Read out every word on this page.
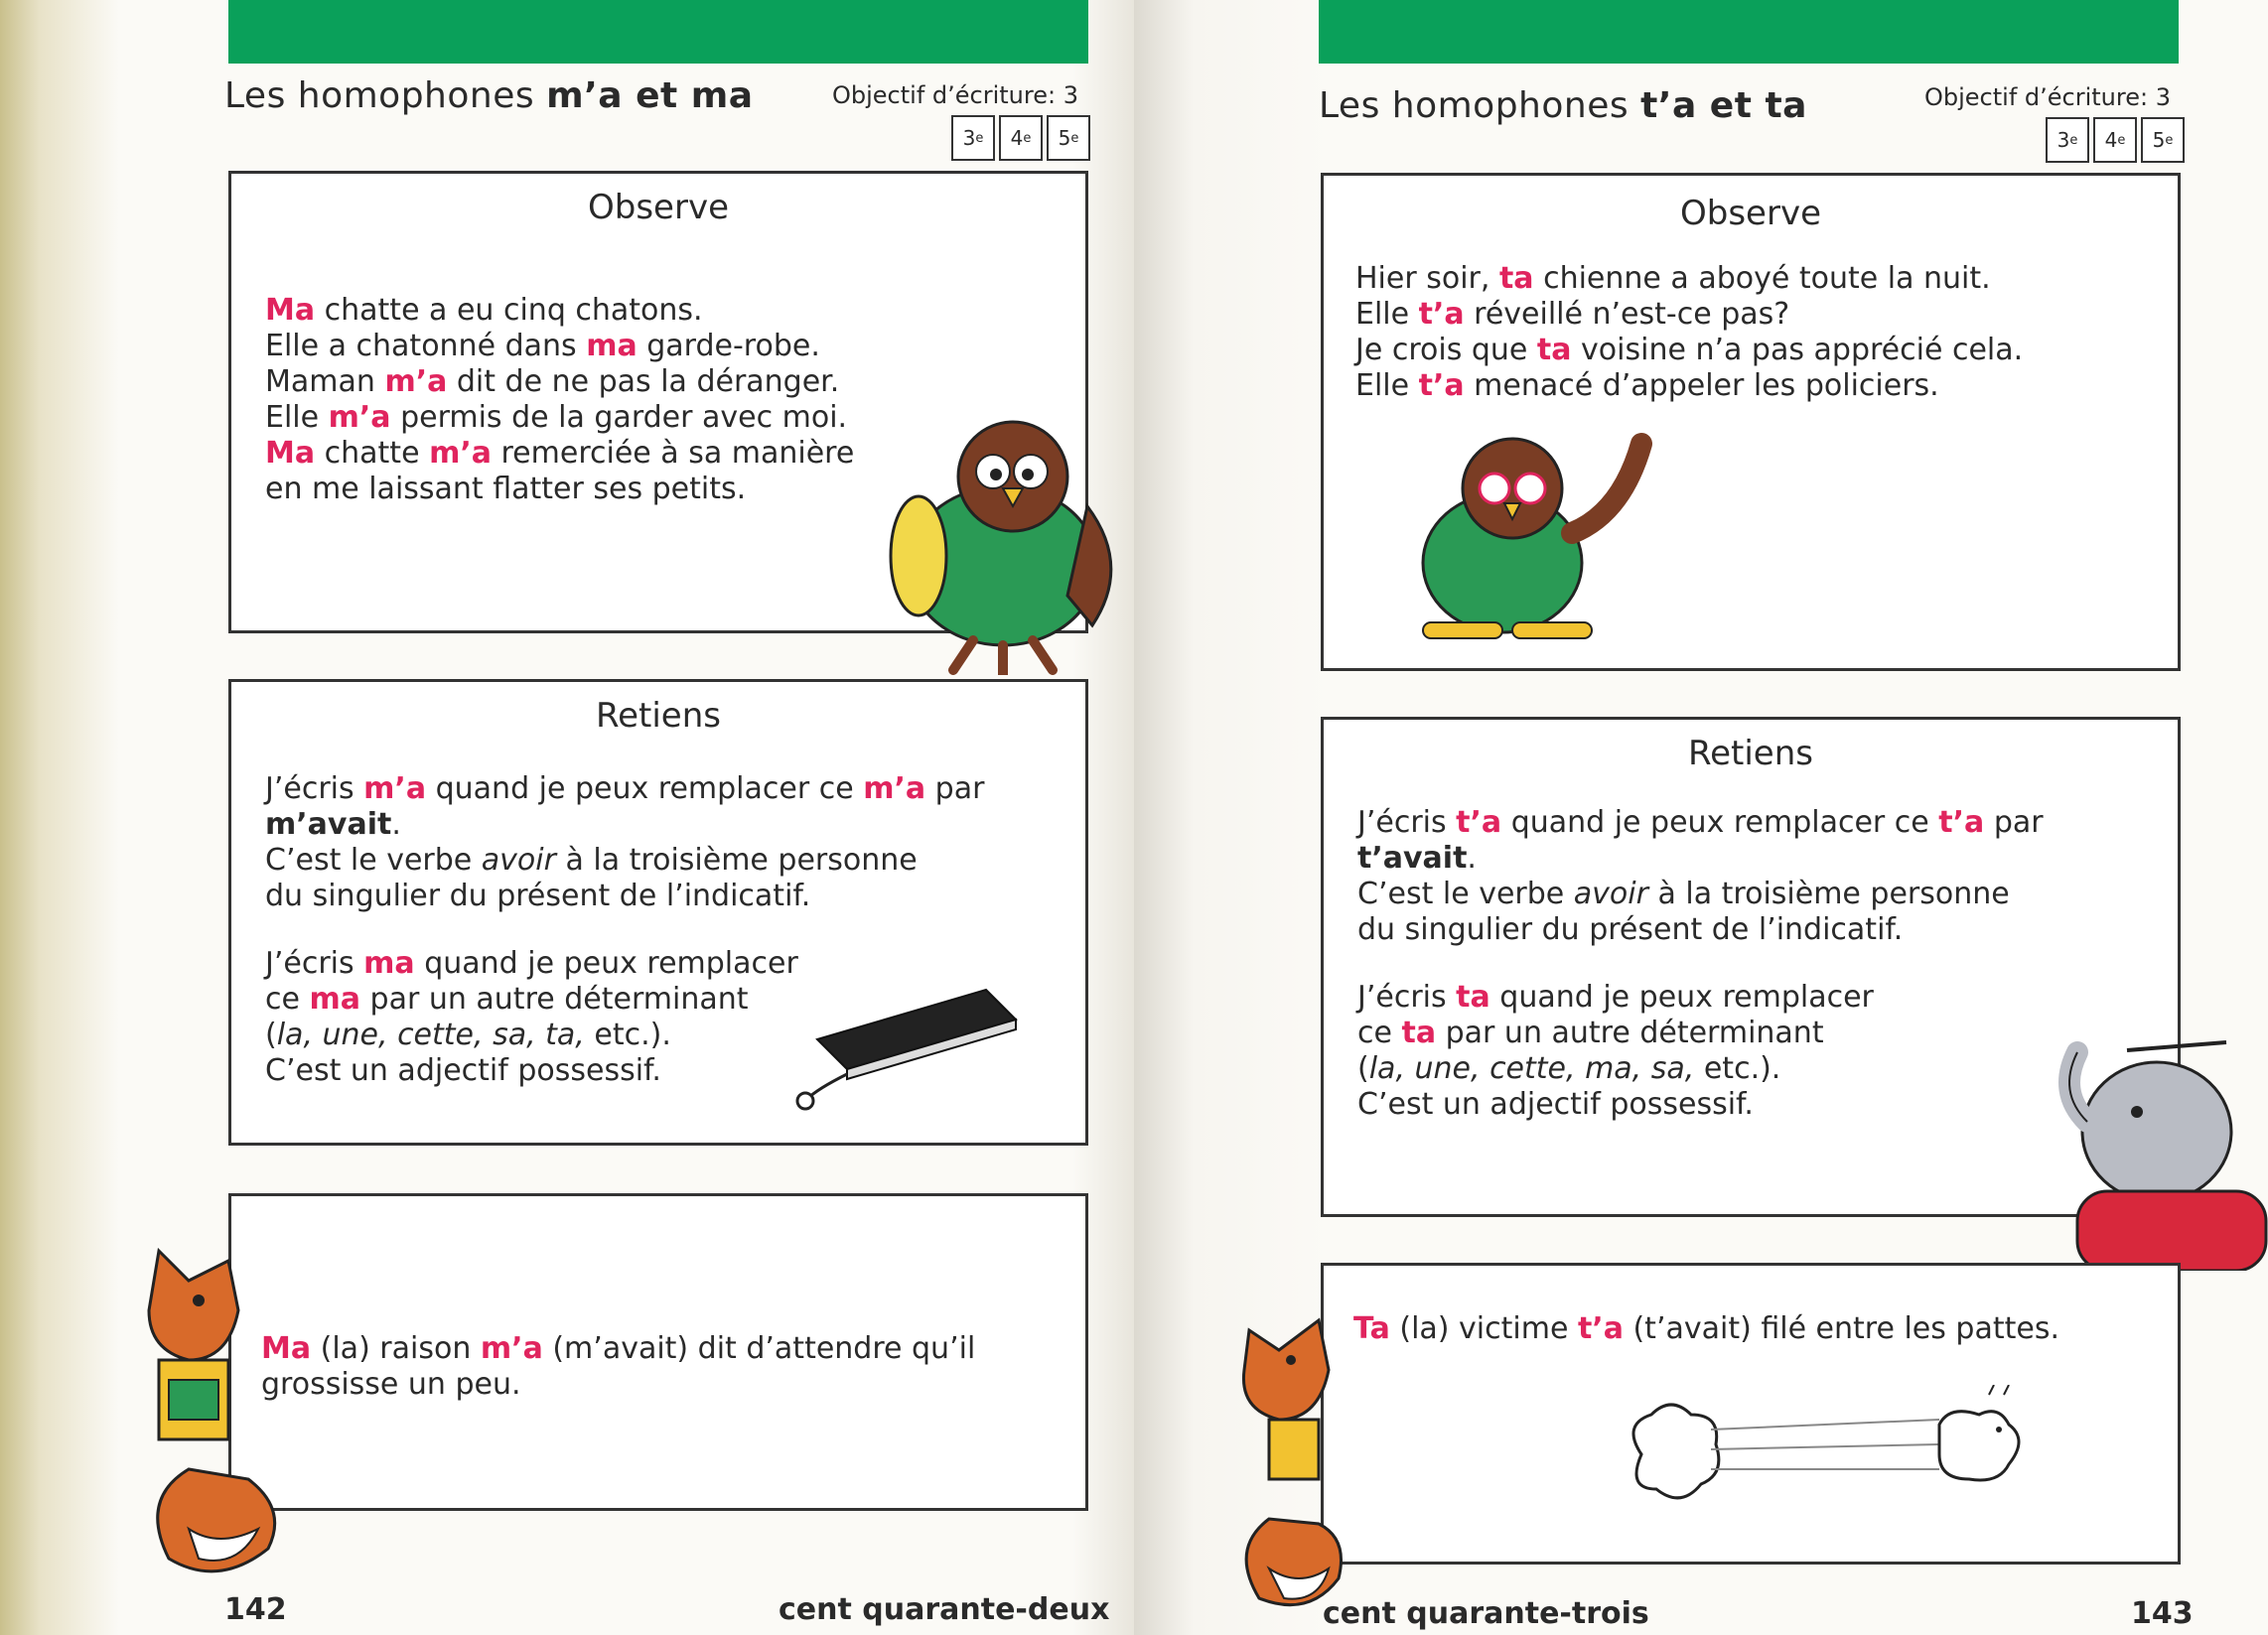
Les homophones m’a et ma	Objectif d’écriture: 3
3 e 4 e 5 e
Observe
Ma chatte a eu cinq chatons.
Elle a chatonné dans ma garde-robe.
Maman m’a dit de ne pas la déranger.
Elle m’a permis de la garder avec moi.
Ma chatte m’a remerciée à sa manière
en me laissant flatter ses petits.
Retiens
J’écris m’a quand je peux remplacer ce m’a par
m’avait.
C’est le verbe avoir à la troisième personne
du singulier du présent de l’indicatif.
J’écris ma quand je peux remplacer
ce ma par un autre déterminant
(la, une, cette, sa, ta, etc.).
C’est un adjectif possessif.
Ma (la) raison m’a (m’avait) dit d’attendre qu’il
grossisse un peu.
142	cent quarante-deux
Les homophones t’a et ta	Objectif d’écriture: 3
3 e 4 e 5 e
Observe
Hier soir, ta chienne a aboyé toute la nuit.
Elle t’a réveillé n’est-ce pas?
Je crois que ta voisine n’a pas apprécié cela.
Elle t’a menacé d’appeler les policiers.
Retiens
J’écris t’a quand je peux remplacer ce t’a par
t’avait.
C’est le verbe avoir à la troisième personne
du singulier du présent de l’indicatif.
J’écris ta quand je peux remplacer
ce ta par un autre déterminant
(la, une, cette, ma, sa, etc.).
C’est un adjectif possessif.
Ta (la) victime t’a (t’avait) filé entre les pattes.
cent quarante-trois	143
